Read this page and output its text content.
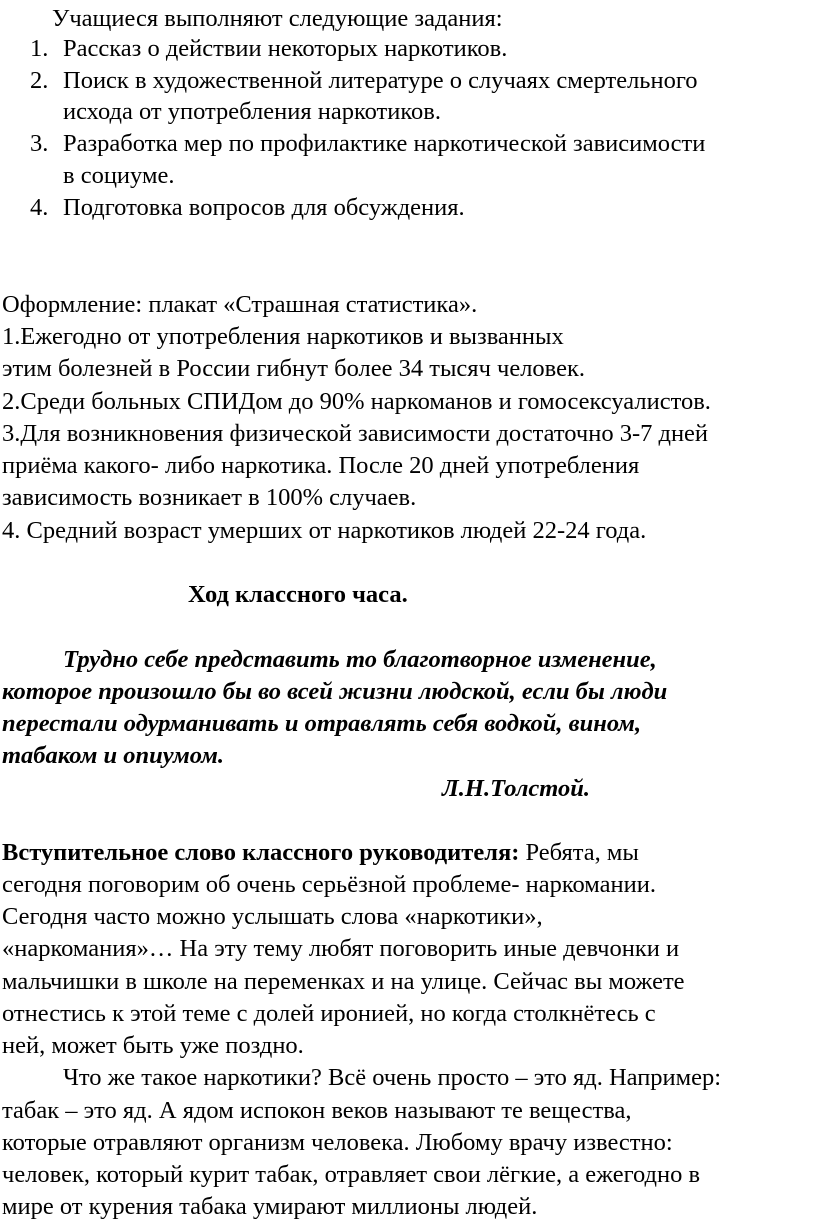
Учащиеся выполняют следующие задания:
1. Рассказ о действии некоторых наркотиков.
2. Поиск в художественной литературе о случаях смертельного
исхода от употребления наркотиков.
3. Разработка мер по профилактике наркотической зависимости
в социуме.
4. Подготовка вопросов для обсуждения.
Оформление: плакат «Страшная статистика».
1.Ежегодно от употребления наркотиков и вызванных
этим болезней в России гибнут более 34 тысяч человек.
2.Среди больных СПИДом до 90% наркоманов и гомосексуалистов.
3.Для возникновения физической зависимости достаточно 3-7 дней
приёма какого- либо наркотика. После 20 дней употребления
зависимость возникает в 100% случаев.
4. Средний возраст умерших от наркотиков людей 22-24 года.
Ход классного часа.
Трудно себе представить то благотворное изменение,
которое произошло бы во всей жизни людской, если бы люди
перестали одурманивать и отравлять себя водкой, вином,
табаком и опиумом.
Л.Н.Толстой.
Вступительное слово классного руководителя: Ребята, мы
сегодня поговорим об очень серьёзной проблеме- наркомании.
Сегодня часто можно услышать слова «наркотики»,
«наркомания»… На эту тему любят поговорить иные девчонки и
мальчишки в школе на переменках и на улице. Сейчас вы можете
отнестись к этой теме с долей иронией, но когда столкнётесь с
ней, может быть уже поздно.
Что же такое наркотики? Всё очень просто – это яд. Например:
табак – это яд. А ядом испокон веков называют те вещества,
которые отравляют организм человека. Любому врачу известно:
человек, который курит табак, отравляет свои лёгкие, а ежегодно в
мире от курения табака умирают миллионы людей.
